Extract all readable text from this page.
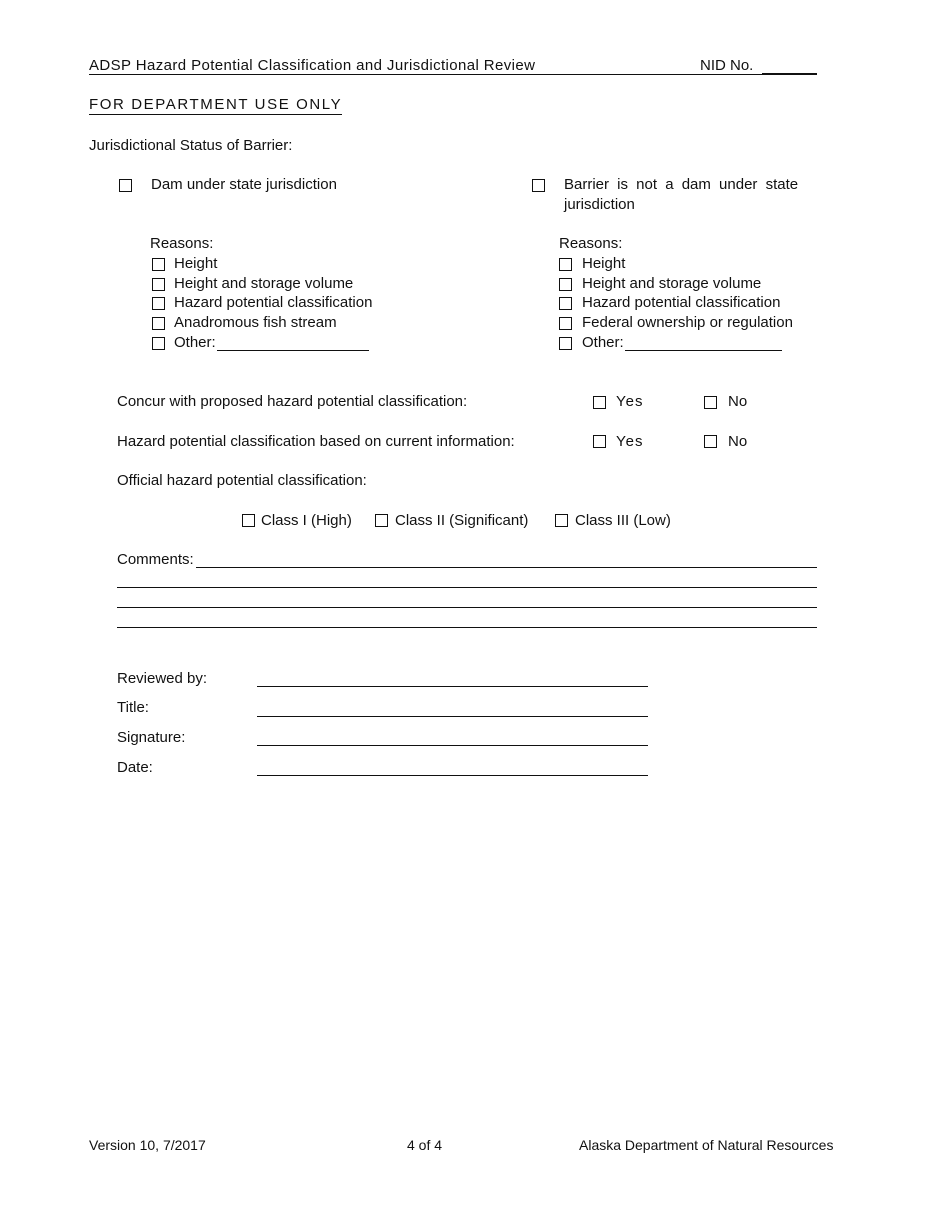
ADSP Hazard Potential Classification and Jurisdictional Review	NID No.
FOR DEPARTMENT USE ONLY
Jurisdictional Status of Barrier:
Dam under state jurisdiction	Barrier is not a dam under state
jurisdiction
Reasons:
Height
Height and storage volume
Hazard potential classification
Anadromous fish stream
Other:
Reasons:
Height
Height and storage volume
Hazard potential classification
Federal ownership or regulation
Other:
Concur with proposed hazard potential classification:	Yes	No
Hazard potential classification based on current information:	Yes	No
Official hazard potential classification:
Class I (High)	Class II (Significant)	Class III (Low)
Comments:
Reviewed by:
Title:
Signature:
Date:
Version 10, 7/2017	4 of 4	Alaska Department of Natural Resources
